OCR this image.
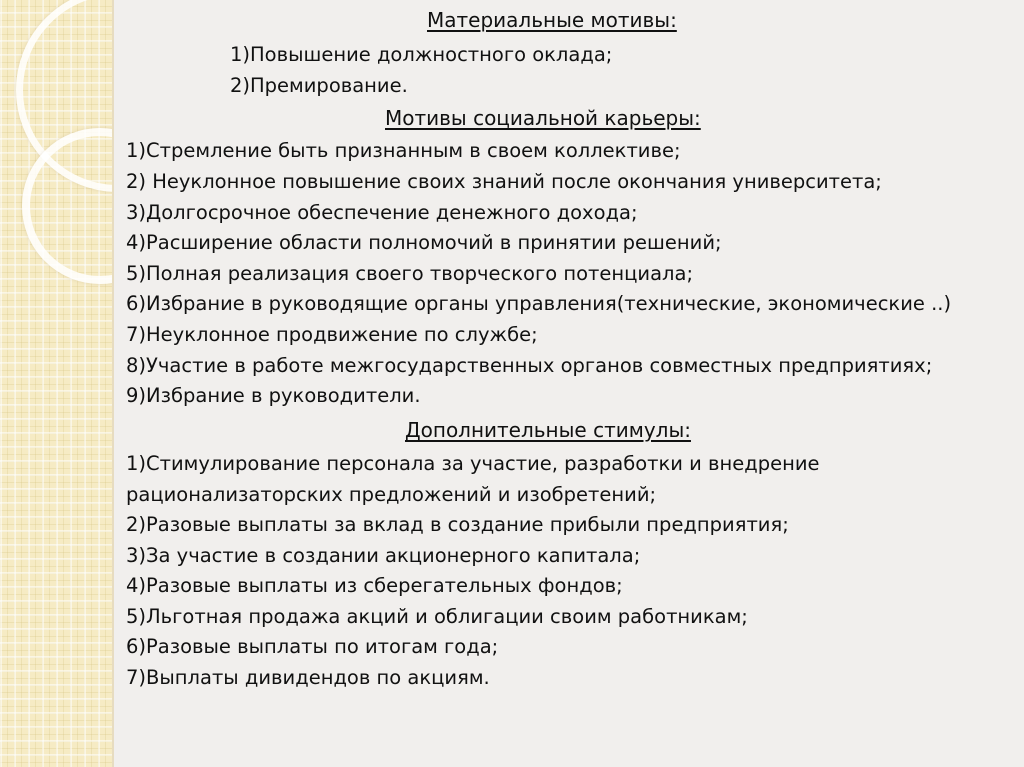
Материальные мотивы:
1)Повышение должностного оклада;
2)Премирование.
Мотивы социальной карьеры:
1)Стремление быть признанным в своем коллективе;
2) Неуклонное повышение своих знаний после окончания университета;
3)Долгосрочное обеспечение денежного дохода;
4)Расширение области полномочий в принятии решений;
5)Полная реализация своего творческого потенциала;
6)Избрание в руководящие органы управления(технические, экономические ..)
7)Неуклонное продвижение по службе;
8)Участие в работе межгосударственных органов совместных предприятиях;
9)Избрание в руководители.
Дополнительные стимулы:
1)Стимулирование персонала за участие, разработки и внедрение
рационализаторских предложений и изобретений;
2)Разовые выплаты за вклад в создание прибыли предприятия;
3)За участие в создании акционерного капитала;
4)Разовые выплаты из сберегательных фондов;
5)Льготная продажа акций и облигации своим работникам;
6)Разовые выплаты по итогам года;
7)Выплаты дивидендов по акциям.
